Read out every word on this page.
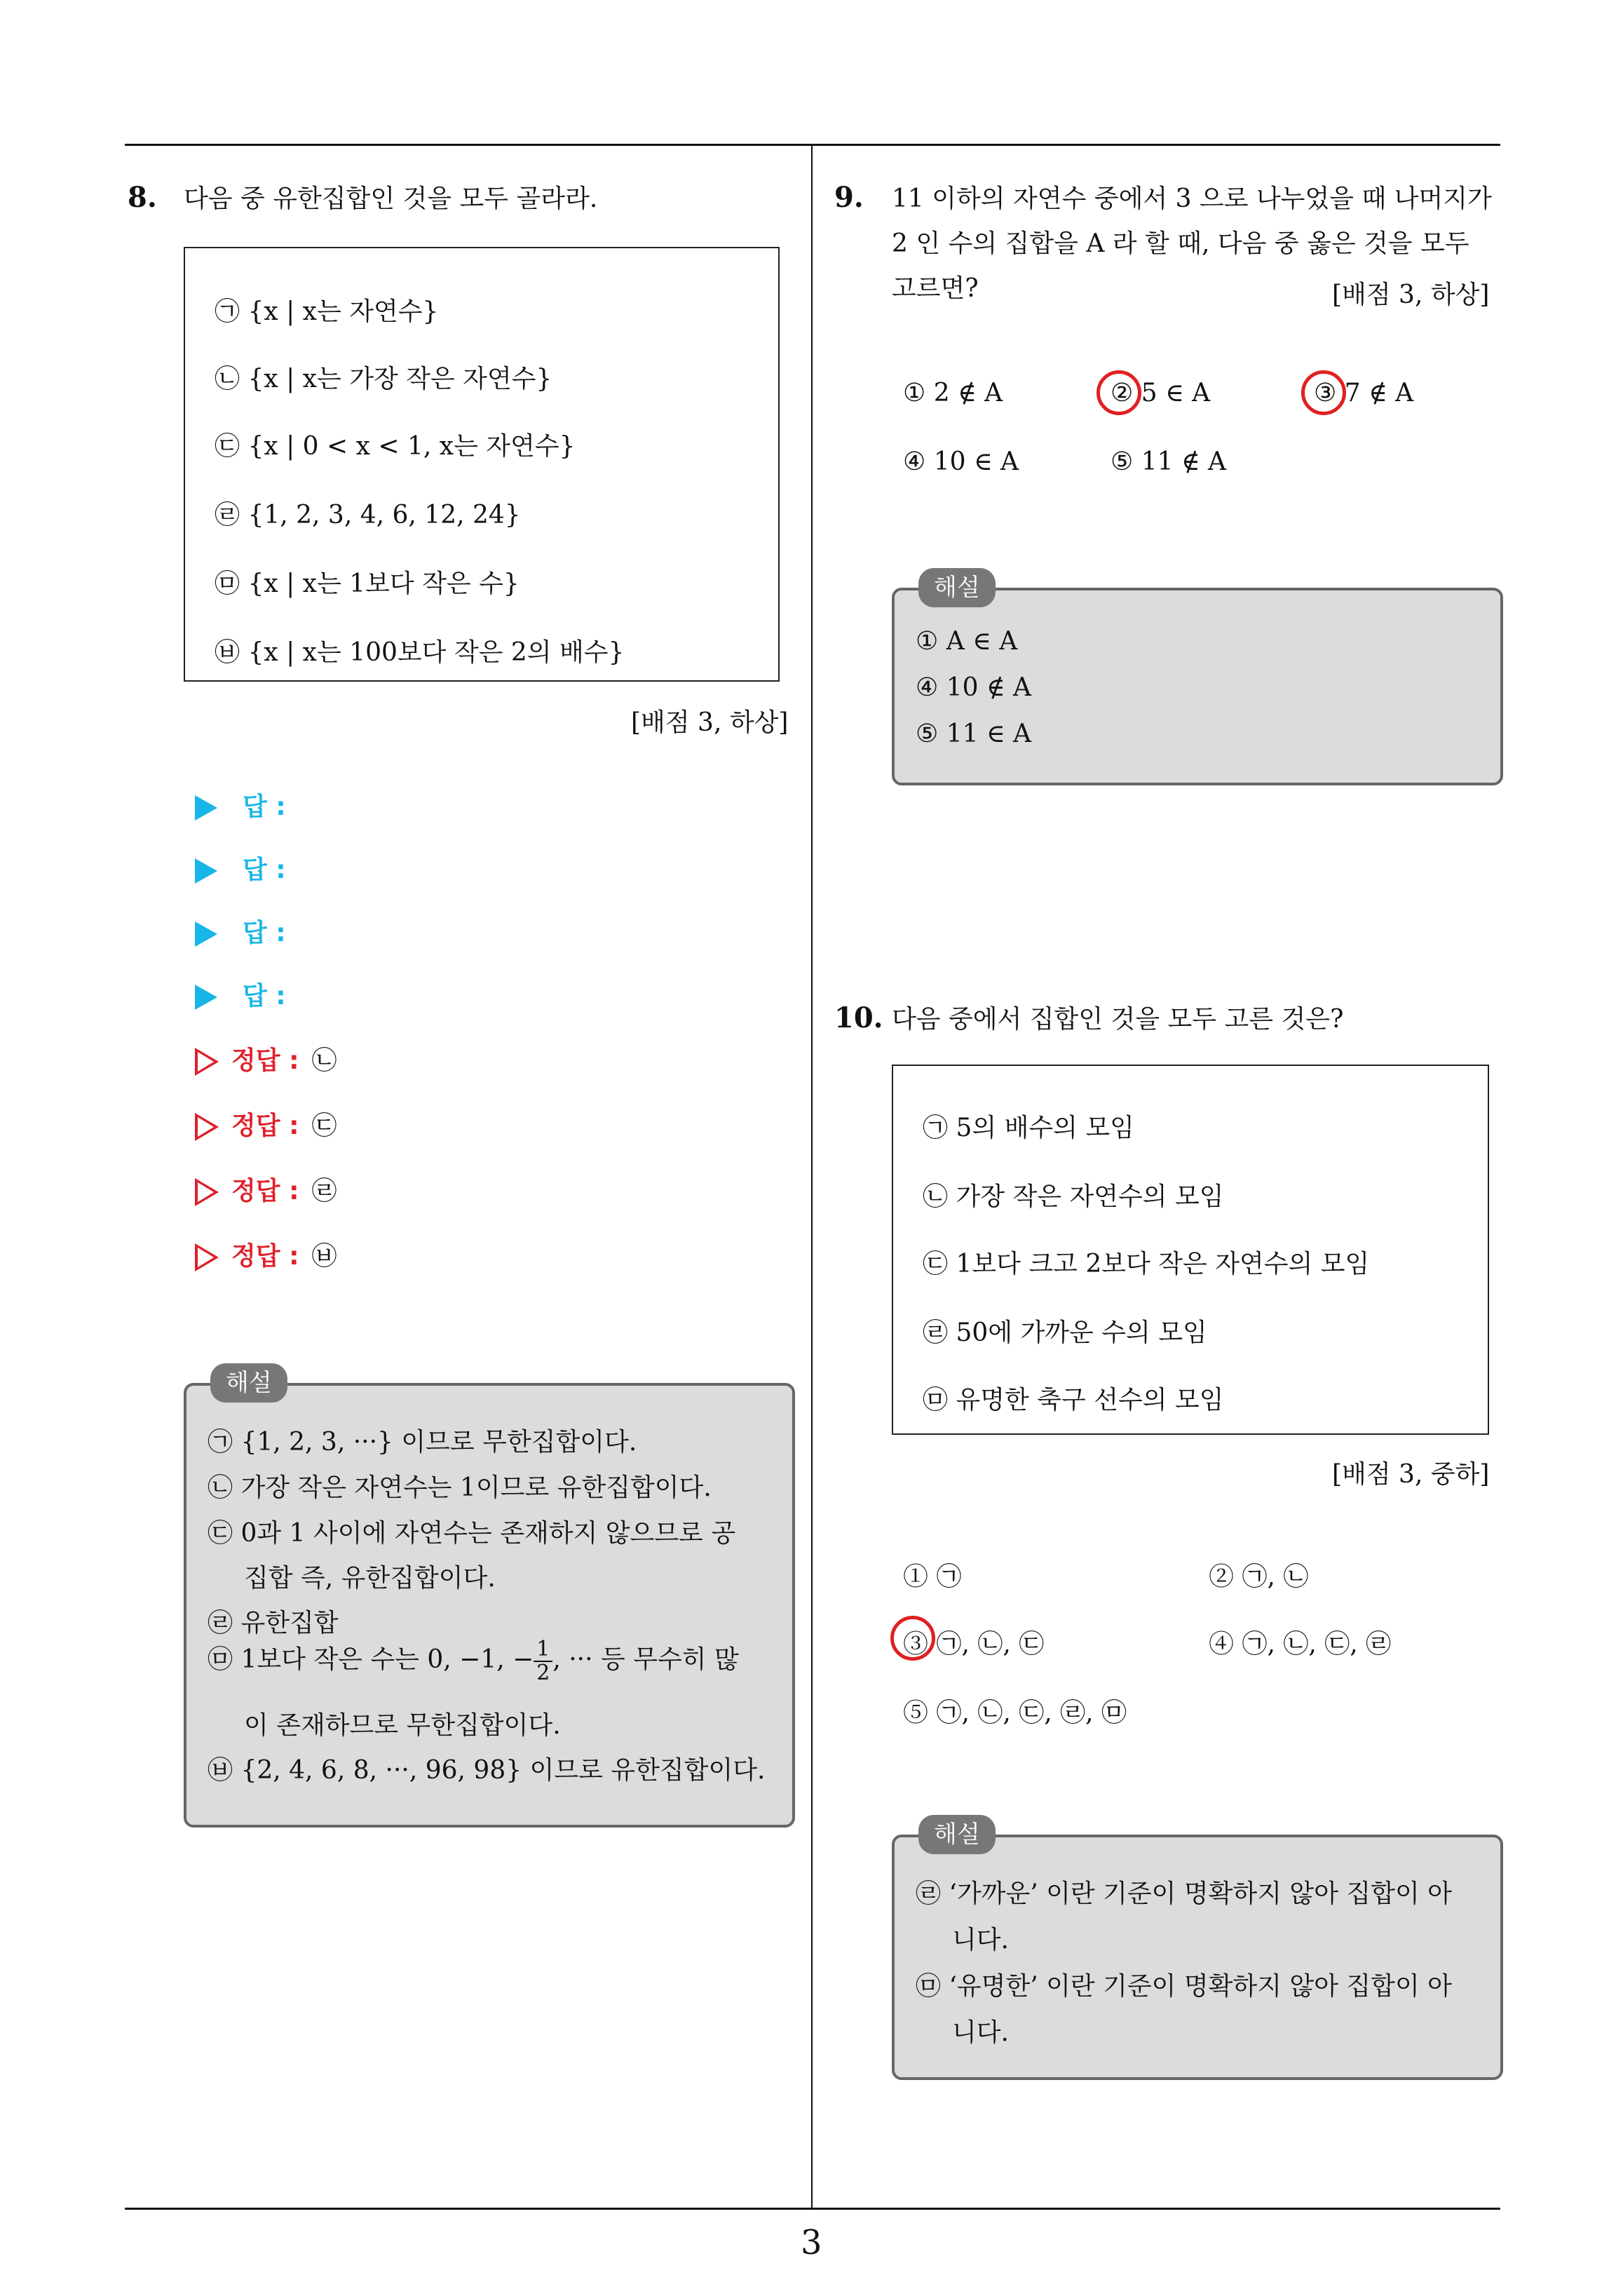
3
8. 다음 중 유한집합인 것을 모두 골라라.
㉠ {x | x는 자연수}
㉡ {x | x는 가장 작은 자연수}
㉢ {x | 0 < x < 1, x는 자연수}
㉣ {1, 2, 3, 4, 6, 12, 24}
㉤ {x | x는 1보다 작은 수}
㉥ {x | x는 100보다 작은 2의 배수}
[배점 3, 하상]
답 :
답 :
답 :
답 :
정답 : ㉡
정답 : ㉢
정답 : ㉣
정답 : ㉥
㉠ {1, 2, 3, ···} 이므로 무한집합이다.
㉡ 가장 작은 자연수는 1이므로 유한집합이다.
㉢ 0과 1 사이에 자연수는 존재하지 않으므로 공
집합 즉, 유한집합이다.
㉣ 유한집합
㉤ 1보다 작은 수는 0, −1, − $\frac{1}{2}$ , ··· 등 무수히 많
이 존재하므로 무한집합이다.
㉥ {2, 4, 6, 8, ···, 96, 98} 이므로 유한집합이다.
해설
9. 11 이하의 자연수 중에서 3 으로 나누었을 때 나머지가
2 인 수의 집합을 A 라 할 때, 다음 중 옳은 것을 모두
고르면?	[배점 3, 하상]
① 2 ∉ A	② 5 ∈ A	③ 7 ∉ A
④ 10 ∈ A	⑤ 11 ∉ A
① A ∈ A
④ 10 ∉ A
⑤ 11 ∈ A
해설
10. 다음 중에서 집합인 것을 모두 고른 것은?
㉠ 5의 배수의 모임
㉡ 가장 작은 자연수의 모임
㉢ 1보다 크고 2보다 작은 자연수의 모임
㉣ 50에 가까운 수의 모임
㉤ 유명한 축구 선수의 모임
[배점 3, 중하]
① ㉠	② ㉠, ㉡
③ ㉠, ㉡, ㉢	④ ㉠, ㉡, ㉢, ㉣
⑤ ㉠, ㉡, ㉢, ㉣, ㉤
㉣ ‘가까운’ 이란 기준이 명확하지 않아 집합이 아
니다.
㉤ ‘유명한’ 이란 기준이 명확하지 않아 집합이 아
니다.
해설
